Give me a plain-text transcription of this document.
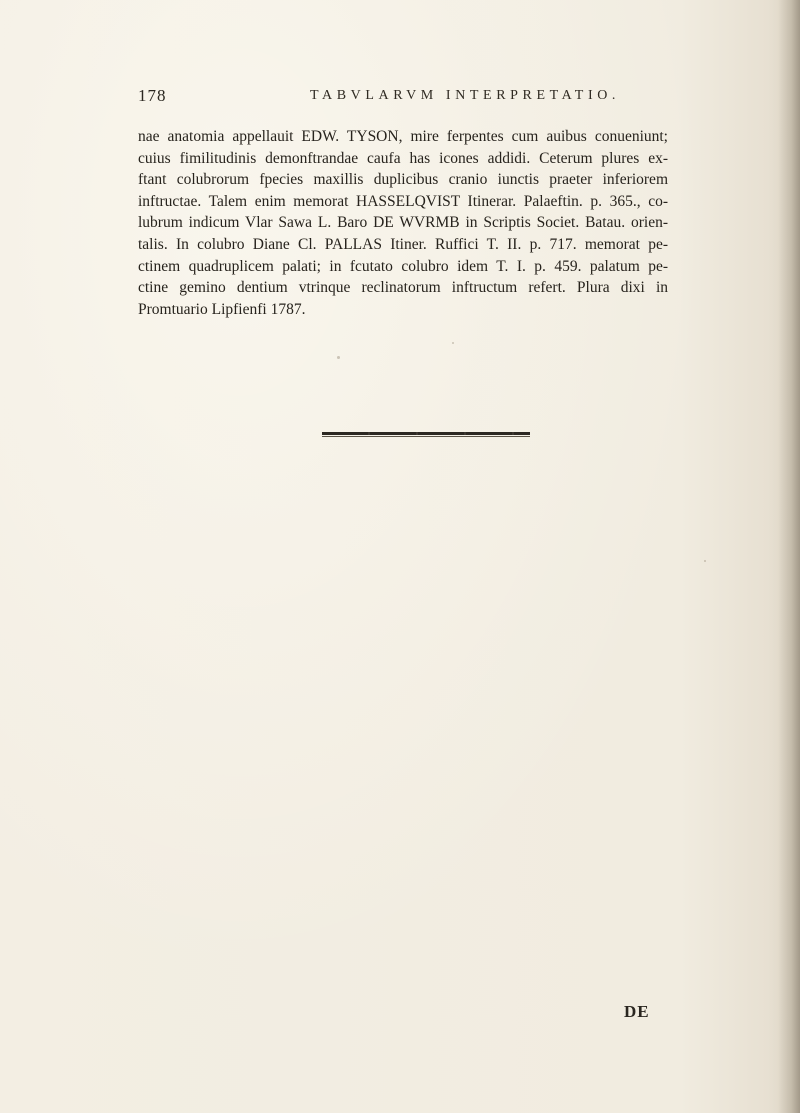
178	TABVLARVM INTERPRETATIO.
nae anatomia appellauit EDW. TYSON, mire ferpentes cum auibus conueniunt;
cuius fimilitudinis demonftrandae caufa has icones addidi. Ceterum plures ex-
ftant colubrorum fpecies maxillis duplicibus cranio iunctis praeter inferiorem
inftructae. Talem enim memorat HASSELQVIST Itinerar. Palaeftin. p. 365., co-
lubrum indicum Vlar Sawa L. Baro DE WVRMB in Scriptis Societ. Batau. orien-
talis. In colubro Diane Cl. PALLAS Itiner. Ruffici T. II. p. 717. memorat pe-
ctinem quadruplicem palati; in fcutato colubro idem T. I. p. 459. palatum pe-
ctine gemino dentium vtrinque reclinatorum inftructum refert. Plura dixi in
Promtuario Lipfienfi 1787.
DE
